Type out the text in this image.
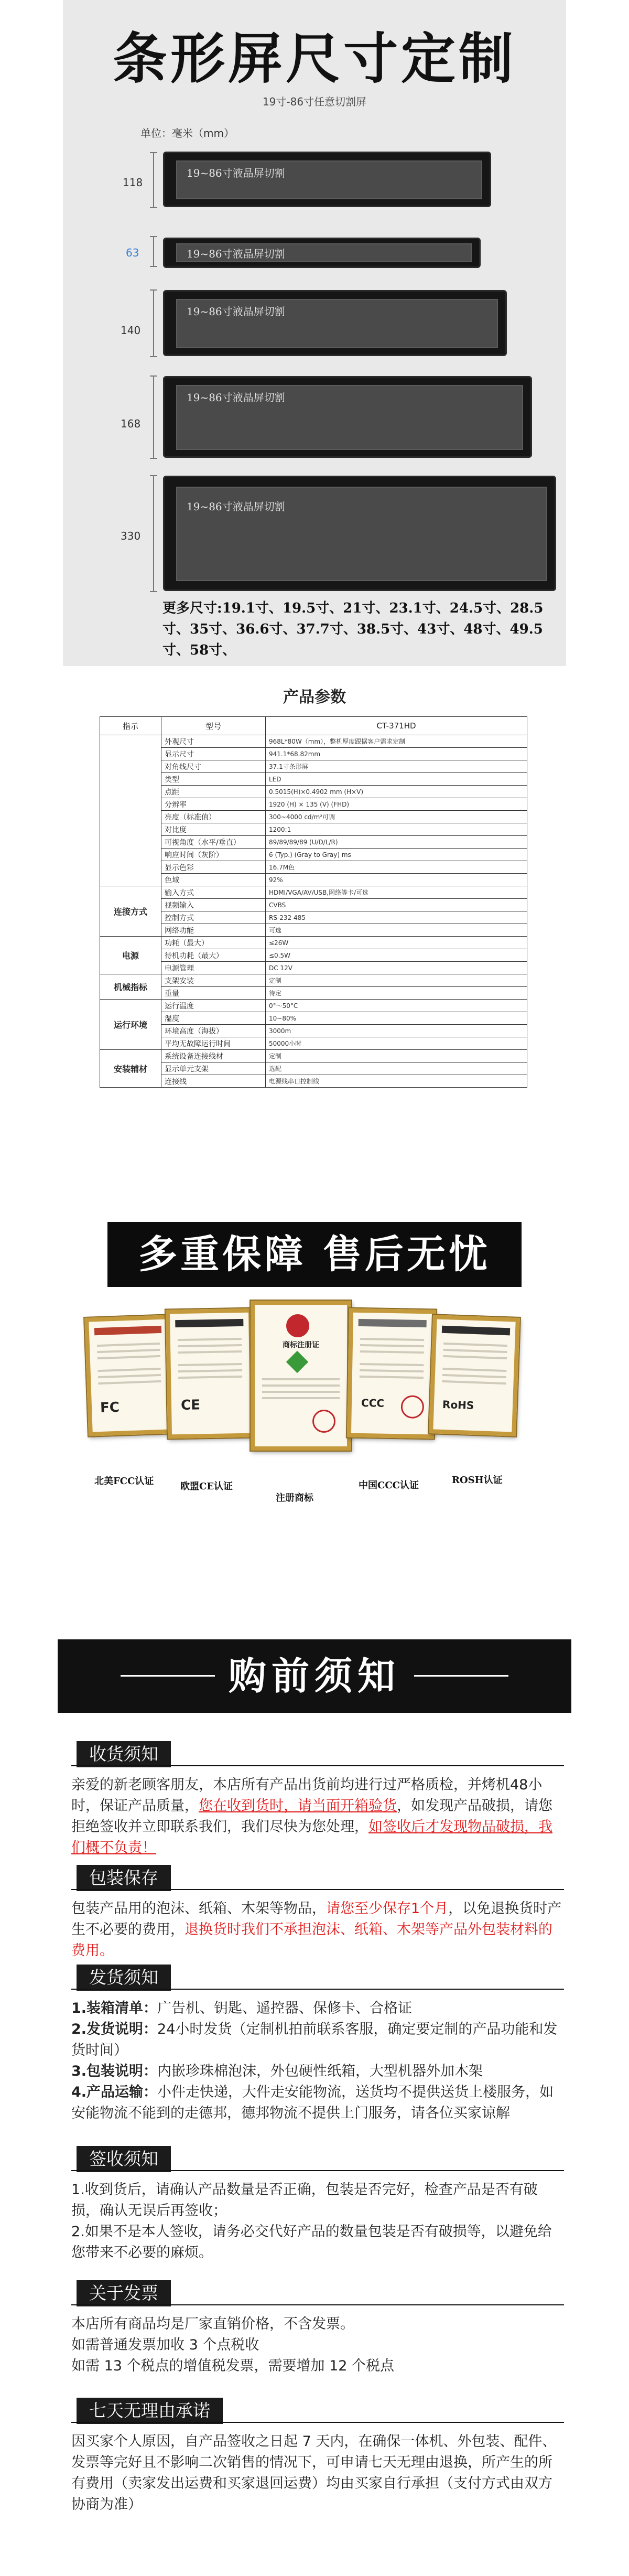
条形屏尺寸定制
19寸-86寸任意切割屏
单位：毫米（mm）
118
19~86寸液晶屏切割
63	19~86寸液晶屏切割
140
19~86寸液晶屏切割
168
19~86寸液晶屏切割
330
19~86寸液晶屏切割
更多尺寸:19.1寸、19.5寸、21寸、23.1寸、24.5寸、28.5寸、35寸、36.6寸、37.7寸、38.5寸、43寸、48寸、49.5寸、58寸、
产品参数
指示	型号	CT-371HD
	外观尺寸	968L*80W（mm），整机厚度跟据客户需求定制
	显示尺寸	941.1*68.82mm
	对角线尺寸	37.1寸条形屏
	类型	LED
	点距	0.5015(H)×0.4902 mm (H×V)
	分辨率	1920 (H) × 135 (V) (FHD)
	亮度（标准值）	300~4000 cd/m²可调
	对比度	1200:1
	可视角度（水平/垂直）	89/89/89/89 (U/D/L/R)
	响应时间（灰阶）	6 (Typ.) (Gray to Gray) ms
	显示色彩	16.7M色
	色域	92%
连接方式	输入方式	HDMI/VGA/AV/USB,网络等卡/可选
	视频输入	CVBS
	控制方式	RS-232 485
	网络功能	可选
电源	功耗（最大）	≤26W
	待机功耗（最大）	≤0.5W
	电源管理	DC 12V
机械指标	支架安装	定制
	重量	待定
运行环境	运行温度	0°～50°C
	湿度	10~80%
	环境高度（海拔）	3000m
	平均无故障运行时间	50000小时
安装辅材	系统设备连接线材	定制
	显示单元支架	选配
	连接线	电源线串口控制线
多重保障 售后无忧
FC	CE
商标注册证
CCC	RoHS
北美FCC认证	欧盟CE认证
注册商标
中国CCC认证	ROSH认证
购前须知
收货须知
亲爱的新老顾客朋友，本店所有产品出货前均进行过严格质检，并烤机48小时，保证产品质量，您在收到货时，请当面开箱验货，如发现产品破损，请您拒绝签收并立即联系我们，我们尽快为您处理，如签收后才发现物品破损，我们概不负责！
包装保存
包装产品用的泡沫、纸箱、木架等物品，请您至少保存1个月，以免退换货时产生不必要的费用，退换货时我们不承担泡沫、纸箱、木架等产品外包装材料的费用。
发货须知
1.装箱清单：广告机、钥匙、遥控器、保修卡、合格证
2.发货说明：24小时发货（定制机拍前联系客服，确定要定制的产品功能和发货时间）
3.包装说明：内嵌珍珠棉泡沫，外包硬性纸箱，大型机器外加木架
4.产品运输：小件走快递，大件走安能物流，送货均不提供送货上楼服务，如安能物流不能到的走德邦，德邦物流不提供上门服务，请各位买家谅解
签收须知
1.收到货后，请确认产品数量是否正确，包装是否完好，检查产品是否有破损，确认无误后再签收；
2.如果不是本人签收，请务必交代好产品的数量包装是否有破损等，以避免给您带来不必要的麻烦。
关于发票
本店所有商品均是厂家直销价格，不含发票。
如需普通发票加收 3 个点税收
如需 13 个税点的增值税发票，需要增加 12 个税点
七天无理由承诺
因买家个人原因，自产品签收之日起 7 天内，在确保一体机、外包装、配件、发票等完好且不影响二次销售的情况下，可申请七天无理由退换，所产生的所有费用（卖家发出运费和买家退回运费）均由买家自行承担（支付方式由双方协商为准）
